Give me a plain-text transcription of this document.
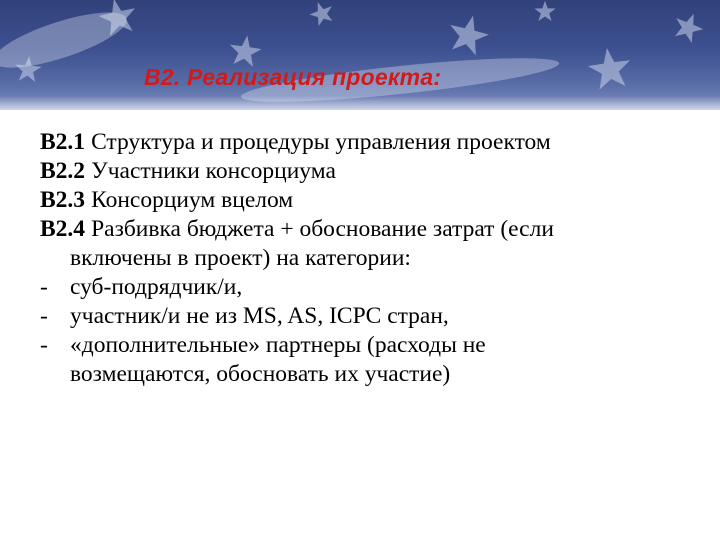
B2. Реализация проекта:
B2.1 Структура и процедуры управления проектом
B2.2 Участники консорциума
B2.3 Консорциум вцелом
B2.4 Разбивка бюджета + обоснование затрат (если
включены в проект) на категории:
- суб-подрядчик/и,
- участник/и не из MS, AS, ICPC стран,
- «дополнительные» партнеры (расходы не
возмещаются, обосновать их участие)
